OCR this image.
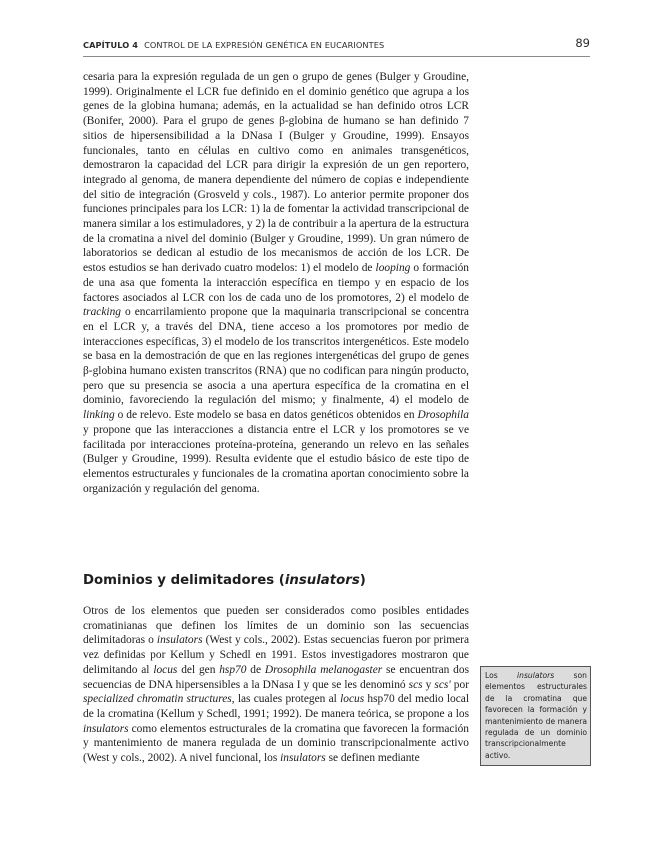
CAPÍTULO 4 CONTROL DE LA EXPRESIÓN GENÉTICA EN EUCARIONTES	89

cesaria para la expresión regulada de un gen o grupo de genes (Bulger y Groudine, 1999). Originalmente el LCR fue definido en el dominio genético que agrupa a los genes de la globina humana; además, en la actualidad se han definido otros LCR (Bonifer, 2000). Para el grupo de genes β-globina de humano se han definido 7 sitios de hipersensibilidad a la DNasa I (Bulger y Groudine, 1999). Ensayos funcionales, tanto en células en cultivo como en animales transgenéticos, demostraron la capacidad del LCR para dirigir la expresión de un gen reportero, integrado al genoma, de manera dependiente del número de copias e independiente del sitio de integración (Grosveld y cols., 1987). Lo anterior permite proponer dos funciones principales para los LCR: 1) la de fomentar la actividad transcripcional de manera similar a los estimuladores, y 2) la de contribuir a la apertura de la estructura de la cromatina a nivel del dominio (Bulger y Groudine, 1999). Un gran número de laboratorios se dedican al estudio de los mecanismos de acción de los LCR. De estos estudios se han derivado cuatro modelos: 1) el modelo de looping o formación de una asa que fomenta la interacción específica en tiempo y en espacio de los factores asociados al LCR con los de cada uno de los promotores, 2) el modelo de tracking o encarrilamiento propone que la maquinaria transcripcional se concentra en el LCR y, a través del DNA, tiene acceso a los promotores por medio de interacciones específicas, 3) el modelo de los transcritos intergenéticos. Este modelo se basa en la demostración de que en las regiones intergenéticas del grupo de genes β-globina humano existen transcritos (RNA) que no codifican para ningún producto, pero que su presencia se asocia a una apertura específica de la cromatina en el dominio, favoreciendo la regulación del mismo; y finalmente, 4) el modelo de linking o de relevo. Este modelo se basa en datos genéticos obtenidos en Drosophila y propone que las interacciones a distancia entre el LCR y los promotores se ve facilitada por interacciones proteína-proteína, generando un relevo en las señales (Bulger y Groudine, 1999). Resulta evidente que el estudio básico de este tipo de elementos estructurales y funcionales de la cromatina aportan conocimiento sobre la organización y regulación del genoma.

Dominios y delimitadores (insulators)

Otros de los elementos que pueden ser considerados como posibles entidades cromatinianas que definen los límites de un dominio son las secuencias delimitadoras o insulators (West y cols., 2002). Estas secuencias fueron por primera vez definidas por Kellum y Schedl en 1991. Estos investigadores mostraron que delimitando al locus del gen hsp70 de Drosophila melanogaster se encuentran dos secuencias de DNA hipersensibles a la DNasa I y que se les denominó scs y scs' por specialized chromatin structures, las cuales protegen al locus hsp70 del medio local de la cromatina (Kellum y Schedl, 1991; 1992). De manera teórica, se propone a los insulators como elementos estructurales de la cromatina que favorecen la formación y mantenimiento de manera regulada de un dominio transcripcionalmente activo (West y cols., 2002). A nivel funcional, los insulators se definen mediante

Los insulators son elementos estructurales de la cromatina que favorecen la formación y mantenimiento de manera regulada de un dominio transcripcionalmente activo.
